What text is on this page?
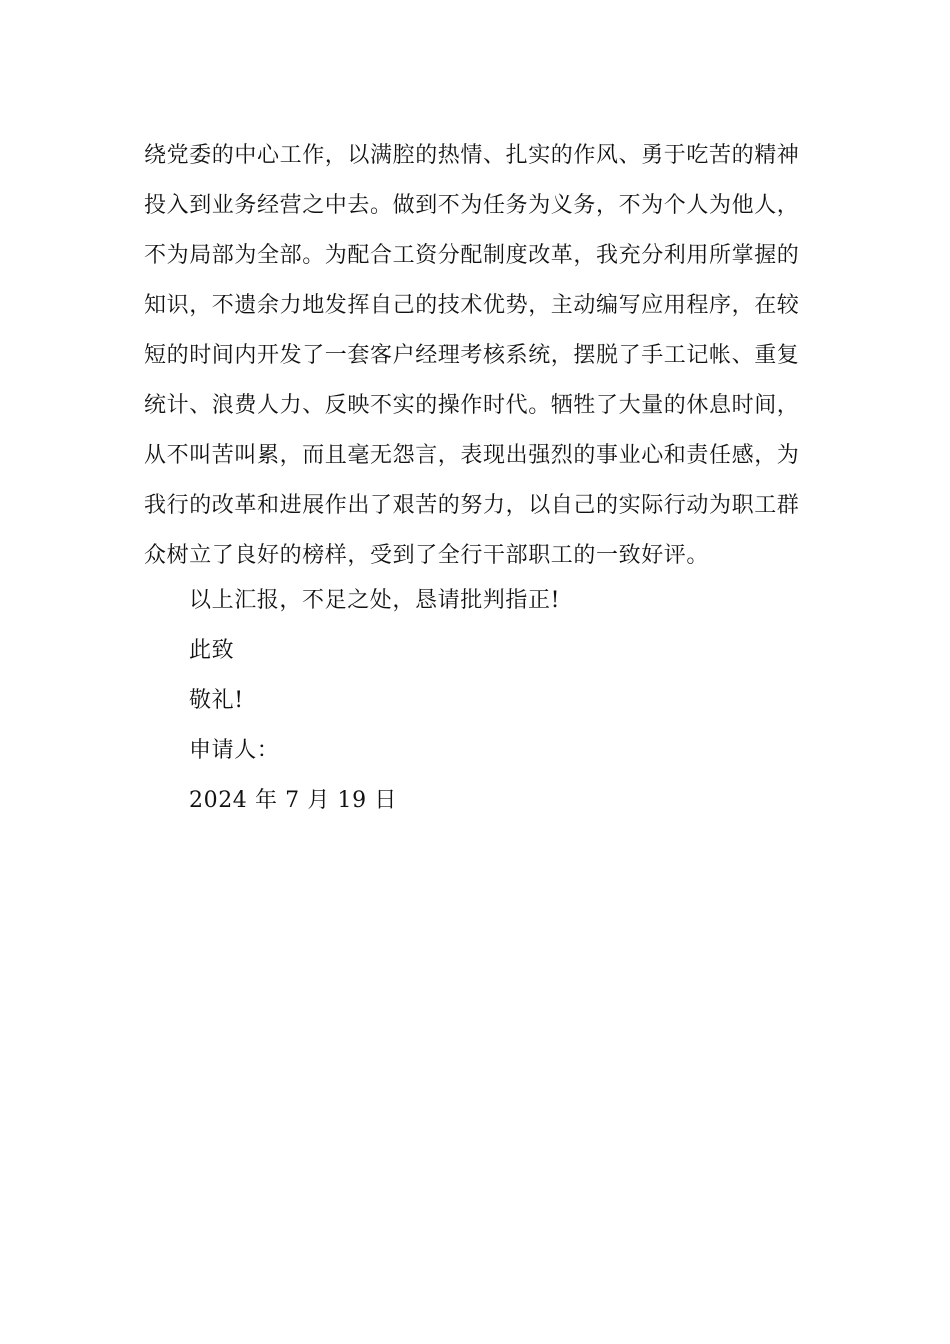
绕党委的中心工作，以满腔的热情、扎实的作风、勇于吃苦的精神
投入到业务经营之中去。做到不为任务为义务，不为个人为他人，
不为局部为全部。为配合工资分配制度改革，我充分利用所掌握的
知识，不遗余力地发挥自己的技术优势，主动编写应用程序，在较
短的时间内开发了一套客户经理考核系统，摆脱了手工记帐、重复
统计、浪费人力、反映不实的操作时代。牺牲了大量的休息时间，
从不叫苦叫累，而且毫无怨言，表现出强烈的事业心和责任感，为
我行的改革和进展作出了艰苦的努力，以自己的实际行动为职工群
众树立了良好的榜样，受到了全行干部职工的一致好评。
以上汇报，不足之处，恳请批判指正!
此致
敬礼!
申请人：
2024 年 7 月 19 日
